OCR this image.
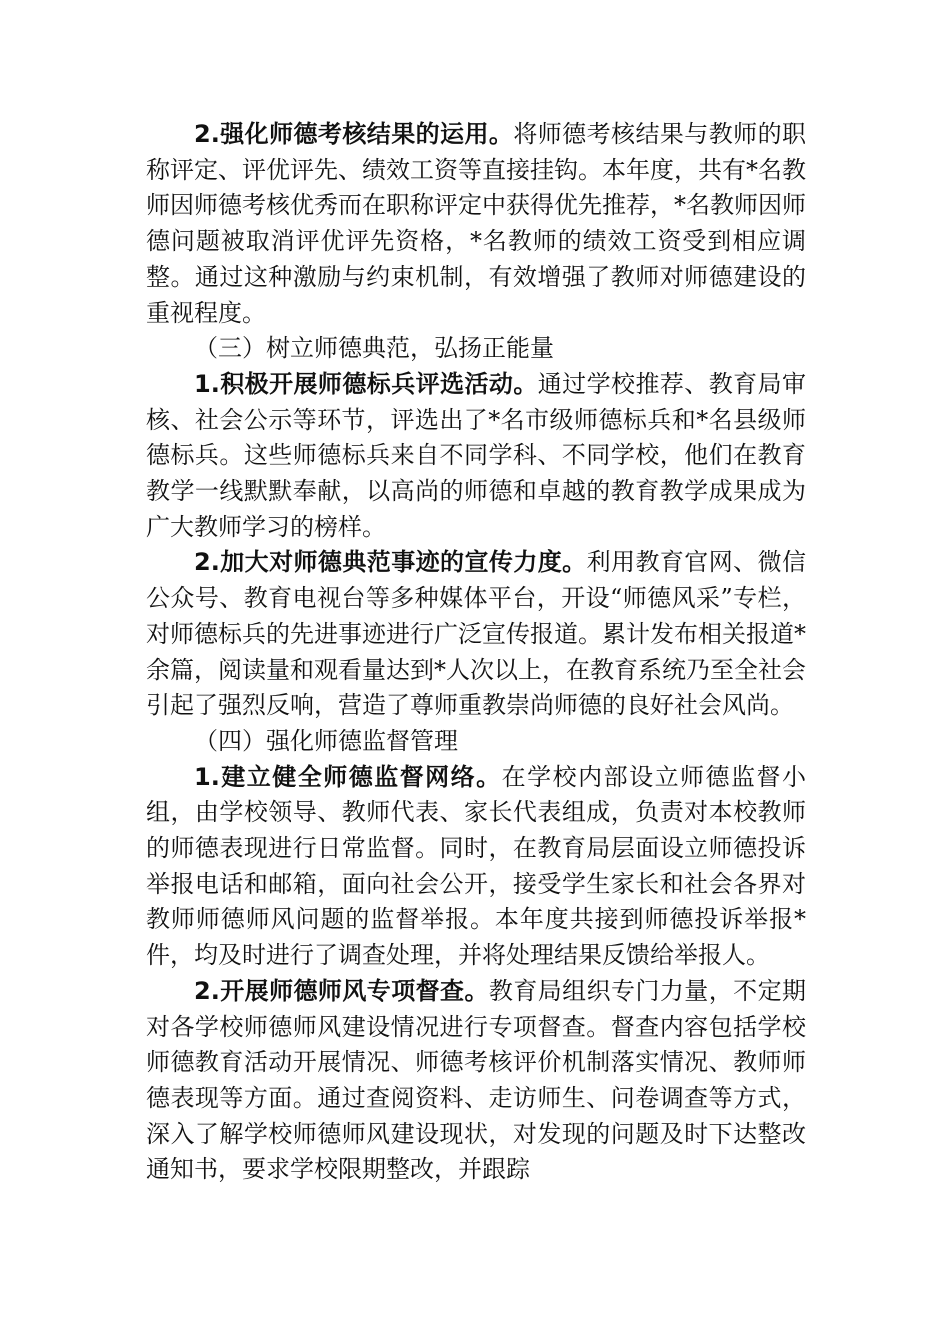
2.强化师德考核结果的运用。将师德考核结果与教师的职称评定、评优评先、绩效工资等直接挂钩。本年度，共有*名教师因师德考核优秀而在职称评定中获得优先推荐，*名教师因师德问题被取消评优评先资格，*名教师的绩效工资受到相应调整。通过这种激励与约束机制，有效增强了教师对师德建设的重视程度。

（三）树立师德典范，弘扬正能量

1.积极开展师德标兵评选活动。通过学校推荐、教育局审核、社会公示等环节，评选出了*名市级师德标兵和*名县级师德标兵。这些师德标兵来自不同学科、不同学校，他们在教育教学一线默默奉献，以高尚的师德和卓越的教育教学成果成为广大教师学习的榜样。

2.加大对师德典范事迹的宣传力度。利用教育官网、微信公众号、教育电视台等多种媒体平台，开设“师德风采”专栏，对师德标兵的先进事迹进行广泛宣传报道。累计发布相关报道*余篇，阅读量和观看量达到*人次以上，在教育系统乃至全社会引起了强烈反响，营造了尊师重教崇尚师德的良好社会风尚。

（四）强化师德监督管理

1.建立健全师德监督网络。在学校内部设立师德监督小组，由学校领导、教师代表、家长代表组成，负责对本校教师的师德表现进行日常监督。同时，在教育局层面设立师德投诉举报电话和邮箱，面向社会公开，接受学生家长和社会各界对教师师德师风问题的监督举报。本年度共接到师德投诉举报*件，均及时进行了调查处理，并将处理结果反馈给举报人。

2.开展师德师风专项督查。教育局组织专门力量，不定期对各学校师德师风建设情况进行专项督查。督查内容包括学校师德教育活动开展情况、师德考核评价机制落实情况、教师师德表现等方面。通过查阅资料、走访师生、问卷调查等方式，深入了解学校师德师风建设现状，对发现的问题及时下达整改通知书，要求学校限期整改，并跟踪
